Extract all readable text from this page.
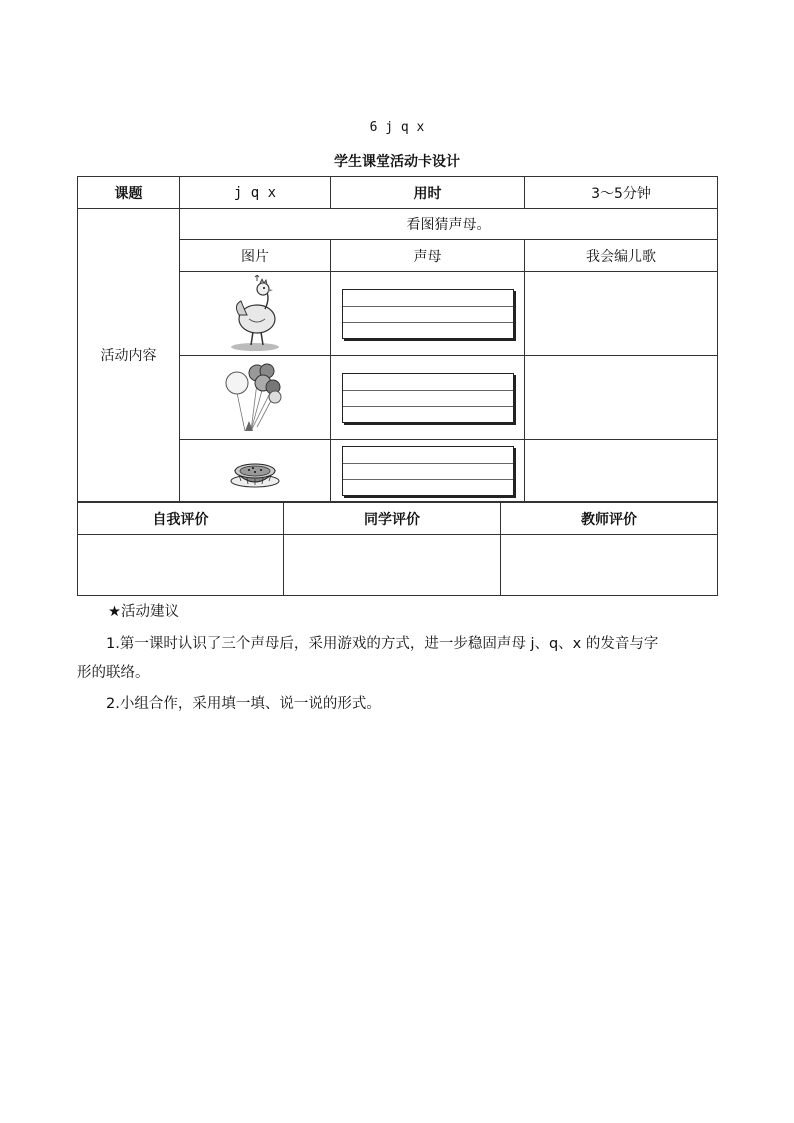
6 j q x
学生课堂活动卡设计
课题	j q x	用时	3～5分钟
活动内容	看图猜声母。		
	图片	声母	我会编儿歌

自我评价	同学评价	教师评价

★活动建议
1.第一课时认识了三个声母后，采用游戏的方式，进一步稳固声母 j、q、x 的发音与字
形的联络。
2.小组合作，采用填一填、说一说的形式。
